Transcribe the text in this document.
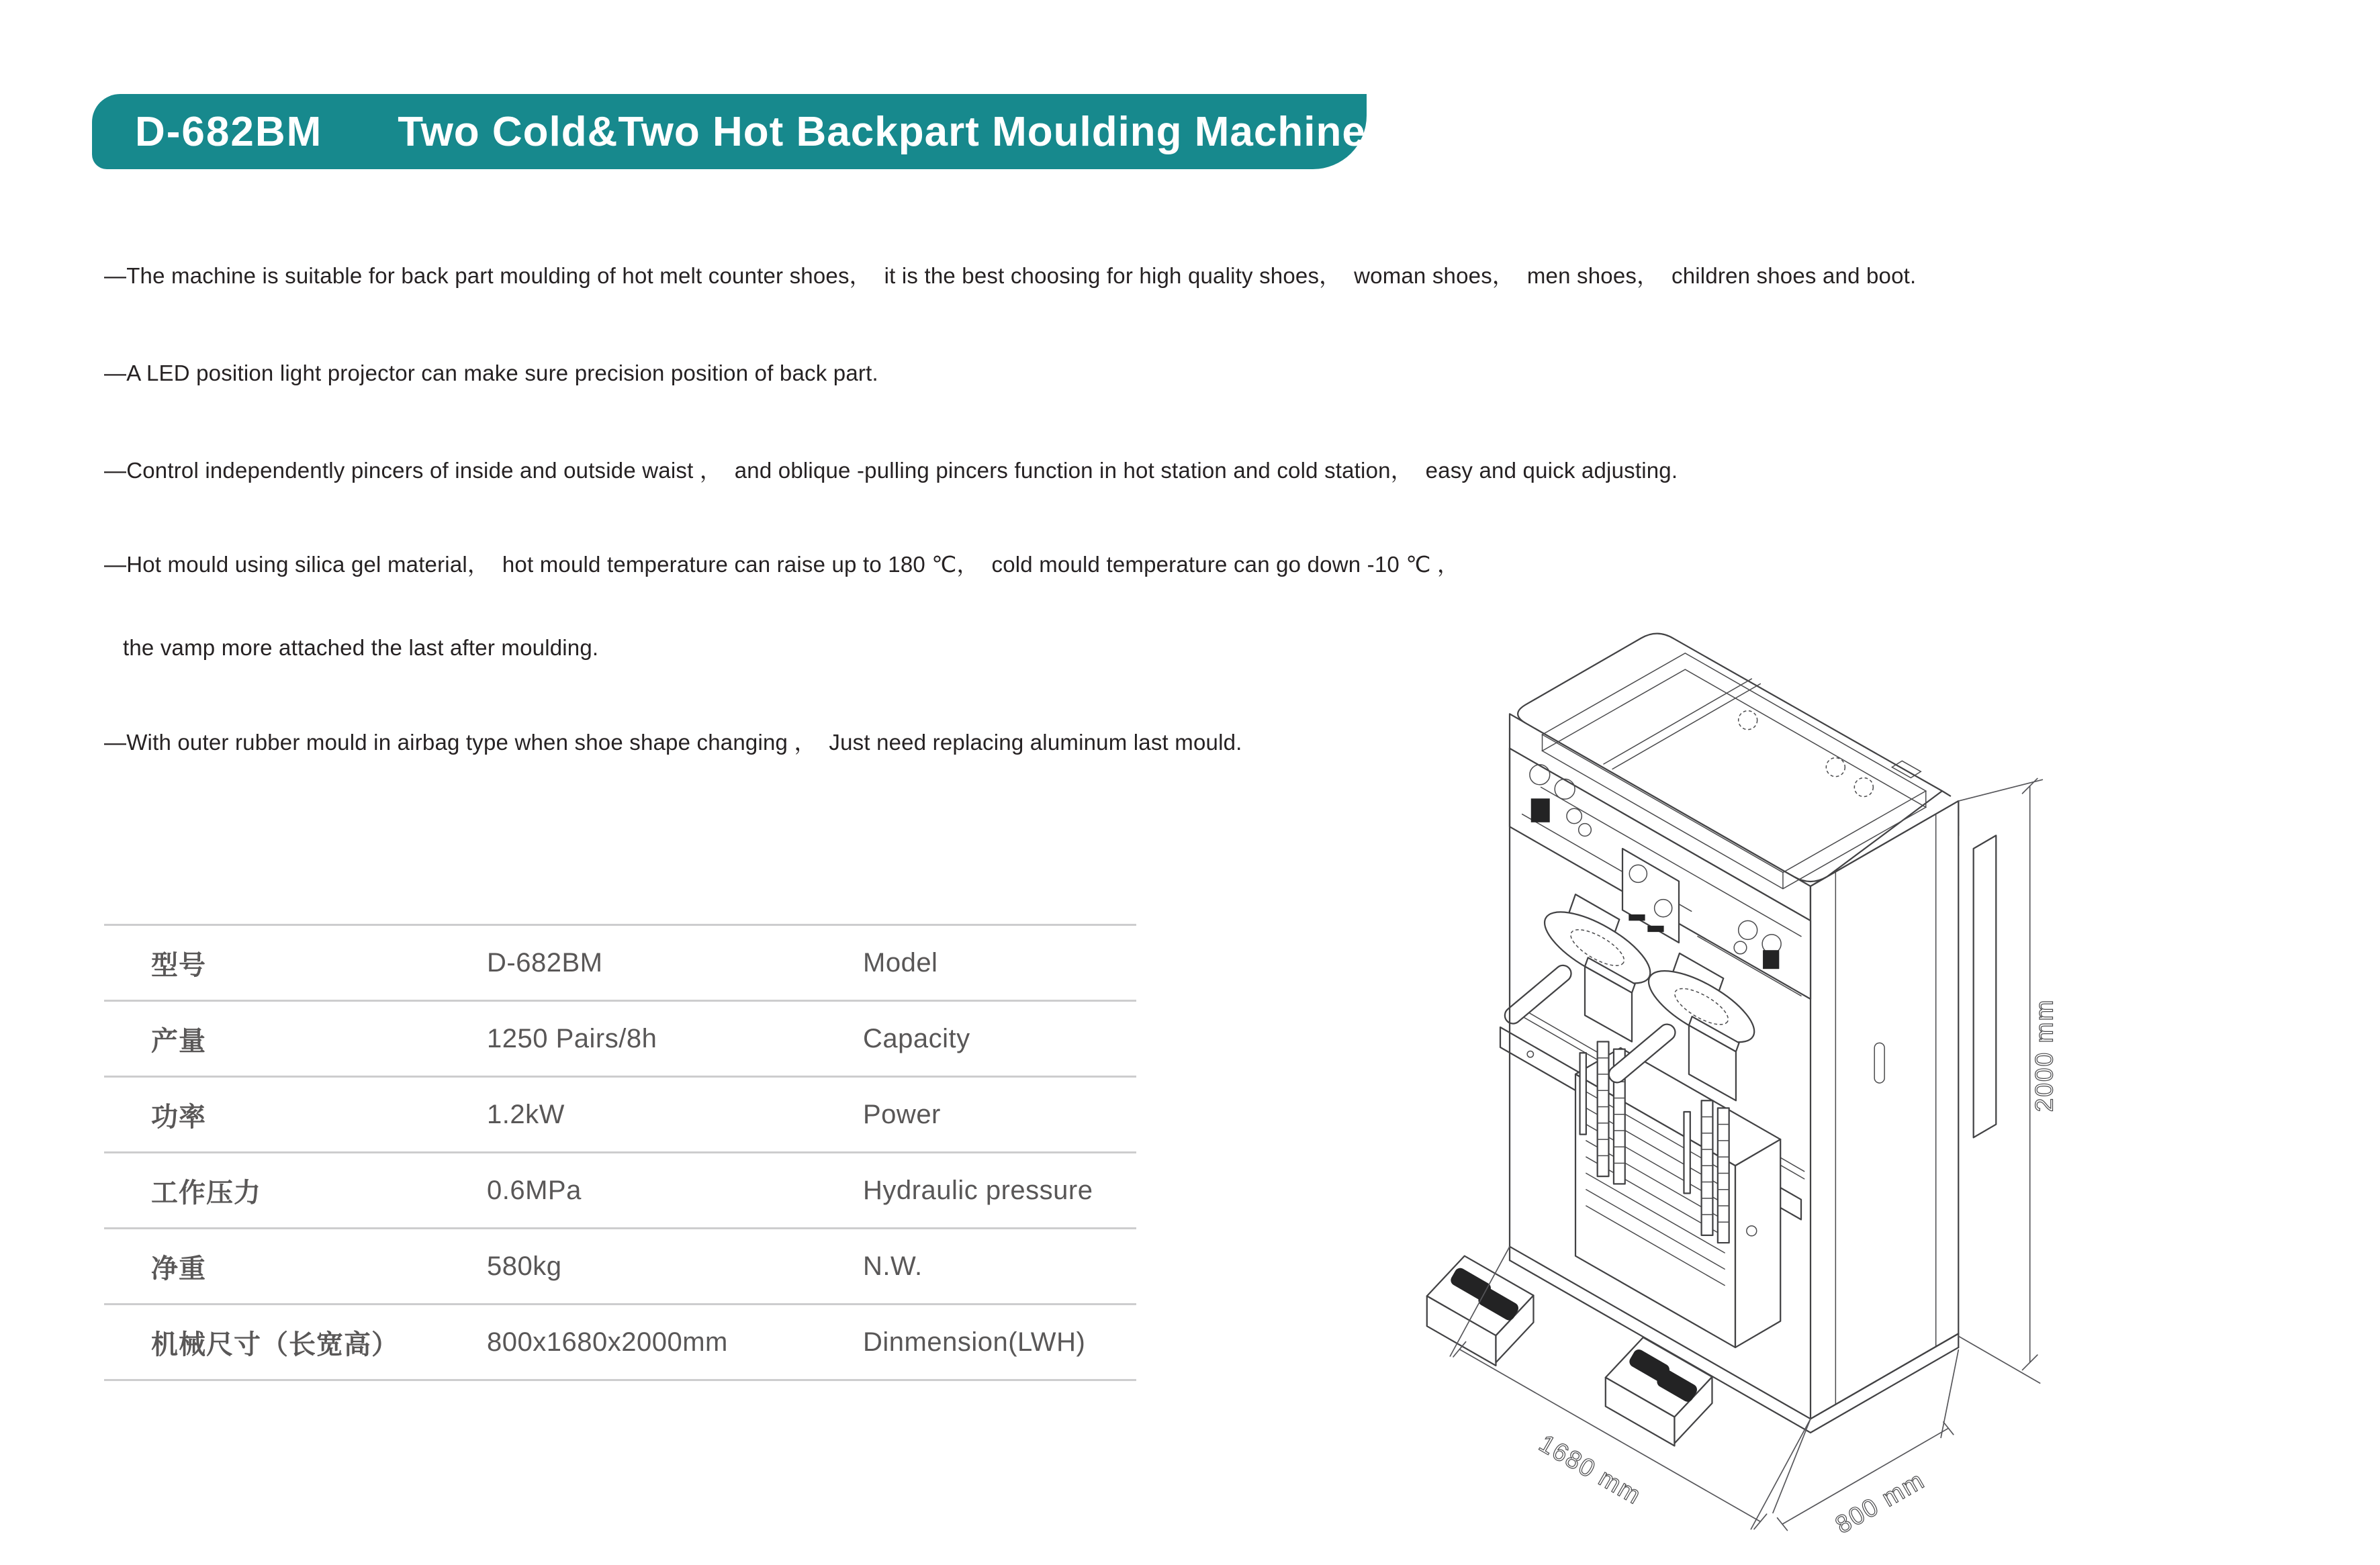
D-682BM Two Cold&Two Hot Backpart Moulding Machine

—The machine is suitable for back part moulding of hot melt counter shoes，  it is the best choosing for high quality shoes，  woman shoes，  men shoes，  children shoes and boot.

—A LED position light projector can make sure precision position of back part.

—Control independently pincers of inside and outside waist ，  and oblique -pulling pincers function in hot station and cold station，  easy and quick adjusting.

—Hot mould using silica gel material，  hot mould temperature can raise up to 180 ℃，  cold mould temperature can go down -10 ℃ ，

the vamp more attached the last after moulding.

—With outer rubber mould in airbag type when shoe shape changing ，  Just need replacing aluminum last mould.

型号	D-682BM	Model
产量	1250 Pairs/8h	Capacity
功率	1.2kW	Power
工作压力	0.6MPa	Hydraulic pressure
净重	580kg	N.W.
机械尺寸（长宽高）	800x1680x2000mm	Dinmension(LWH)
1680 mm	800 mm
2000 mm
